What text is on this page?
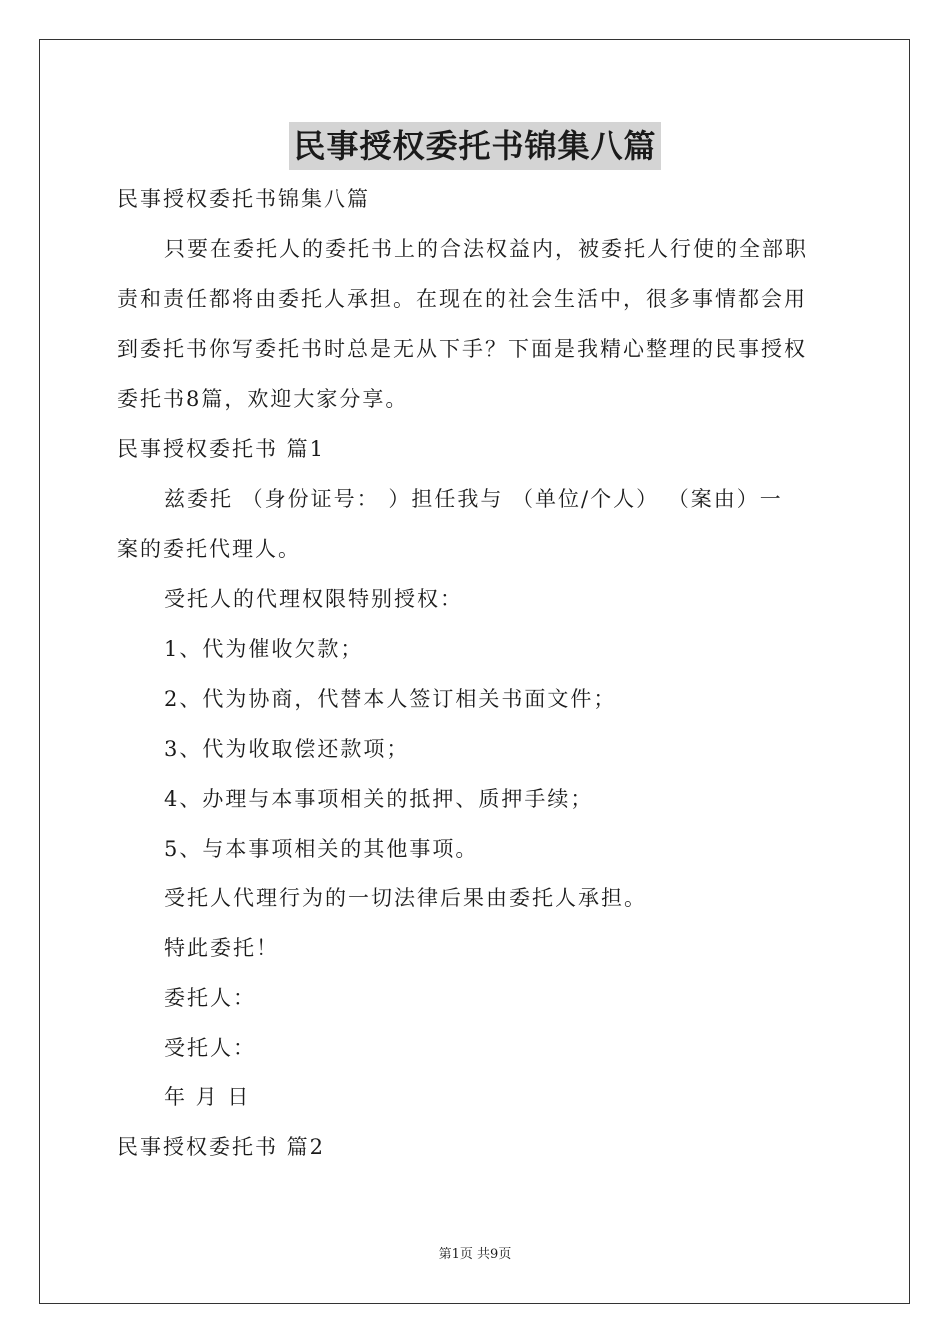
民事授权委托书锦集八篇
民事授权委托书锦集八篇
只要在委托人的委托书上的合法权益内，被委托人行使的全部职
责和责任都将由委托人承担。在现在的社会生活中，很多事情都会用
到委托书你写委托书时总是无从下手？下面是我精心整理的民事授权
委托书8篇，欢迎大家分享。
民事授权委托书 篇1
兹委托 （身份证号： ）担任我与 （单位/个人） （案由）一
案的委托代理人。
受托人的代理权限特别授权：
1、代为催收欠款；
2、代为协商，代替本人签订相关书面文件；
3、代为收取偿还款项；
4、办理与本事项相关的抵押、质押手续；
5、与本事项相关的其他事项。
受托人代理行为的一切法律后果由委托人承担。
特此委托！
委托人：
受托人：
年 月 日
民事授权委托书 篇2
第1页 共9页
